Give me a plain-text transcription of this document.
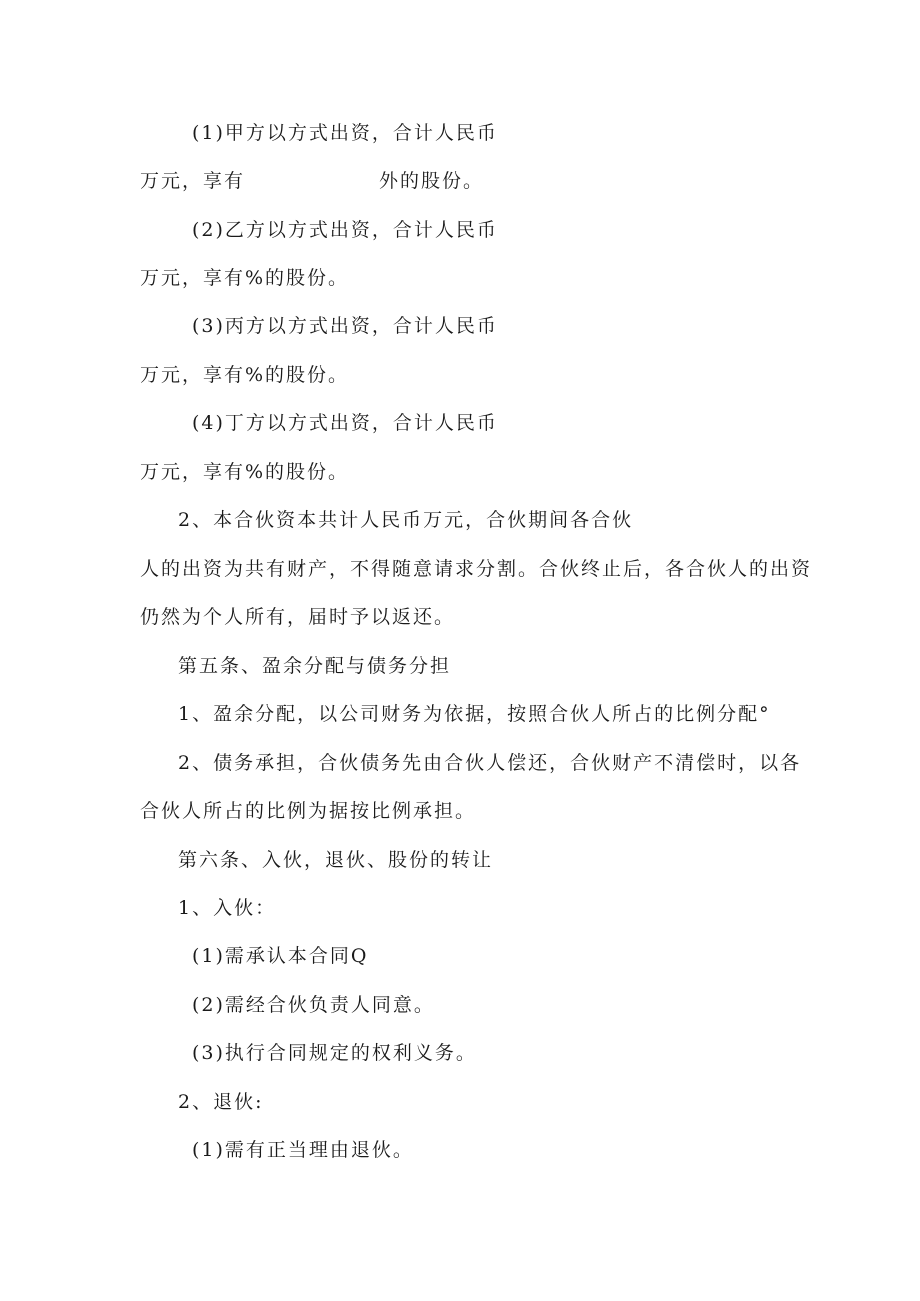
(1)甲方以方式出资，合计人民币
万元，享有	外的股份。
(2)乙方以方式出资，合计人民币
万元，享有%的股份。
(3)丙方以方式出资，合计人民币
万元，享有%的股份。
(4)丁方以方式出资，合计人民币
万元，享有%的股份。
2、本合伙资本共计人民币万元，合伙期间各合伙
人的出资为共有财产，不得随意请求分割。合伙终止后，各合伙人的出资
仍然为个人所有，届时予以返还。
第五条、盈余分配与债务分担
1、盈余分配，以公司财务为依据，按照合伙人所占的比例分配°
2、债务承担，合伙债务先由合伙人偿还，合伙财产不清偿时，以各
合伙人所占的比例为据按比例承担。
第六条、入伙，退伙、股份的转让
1、入伙：
(1)需承认本合同Q
(2)需经合伙负责人同意。
(3)执行合同规定的权利义务。
2、退伙:
(1)需有正当理由退伙。
